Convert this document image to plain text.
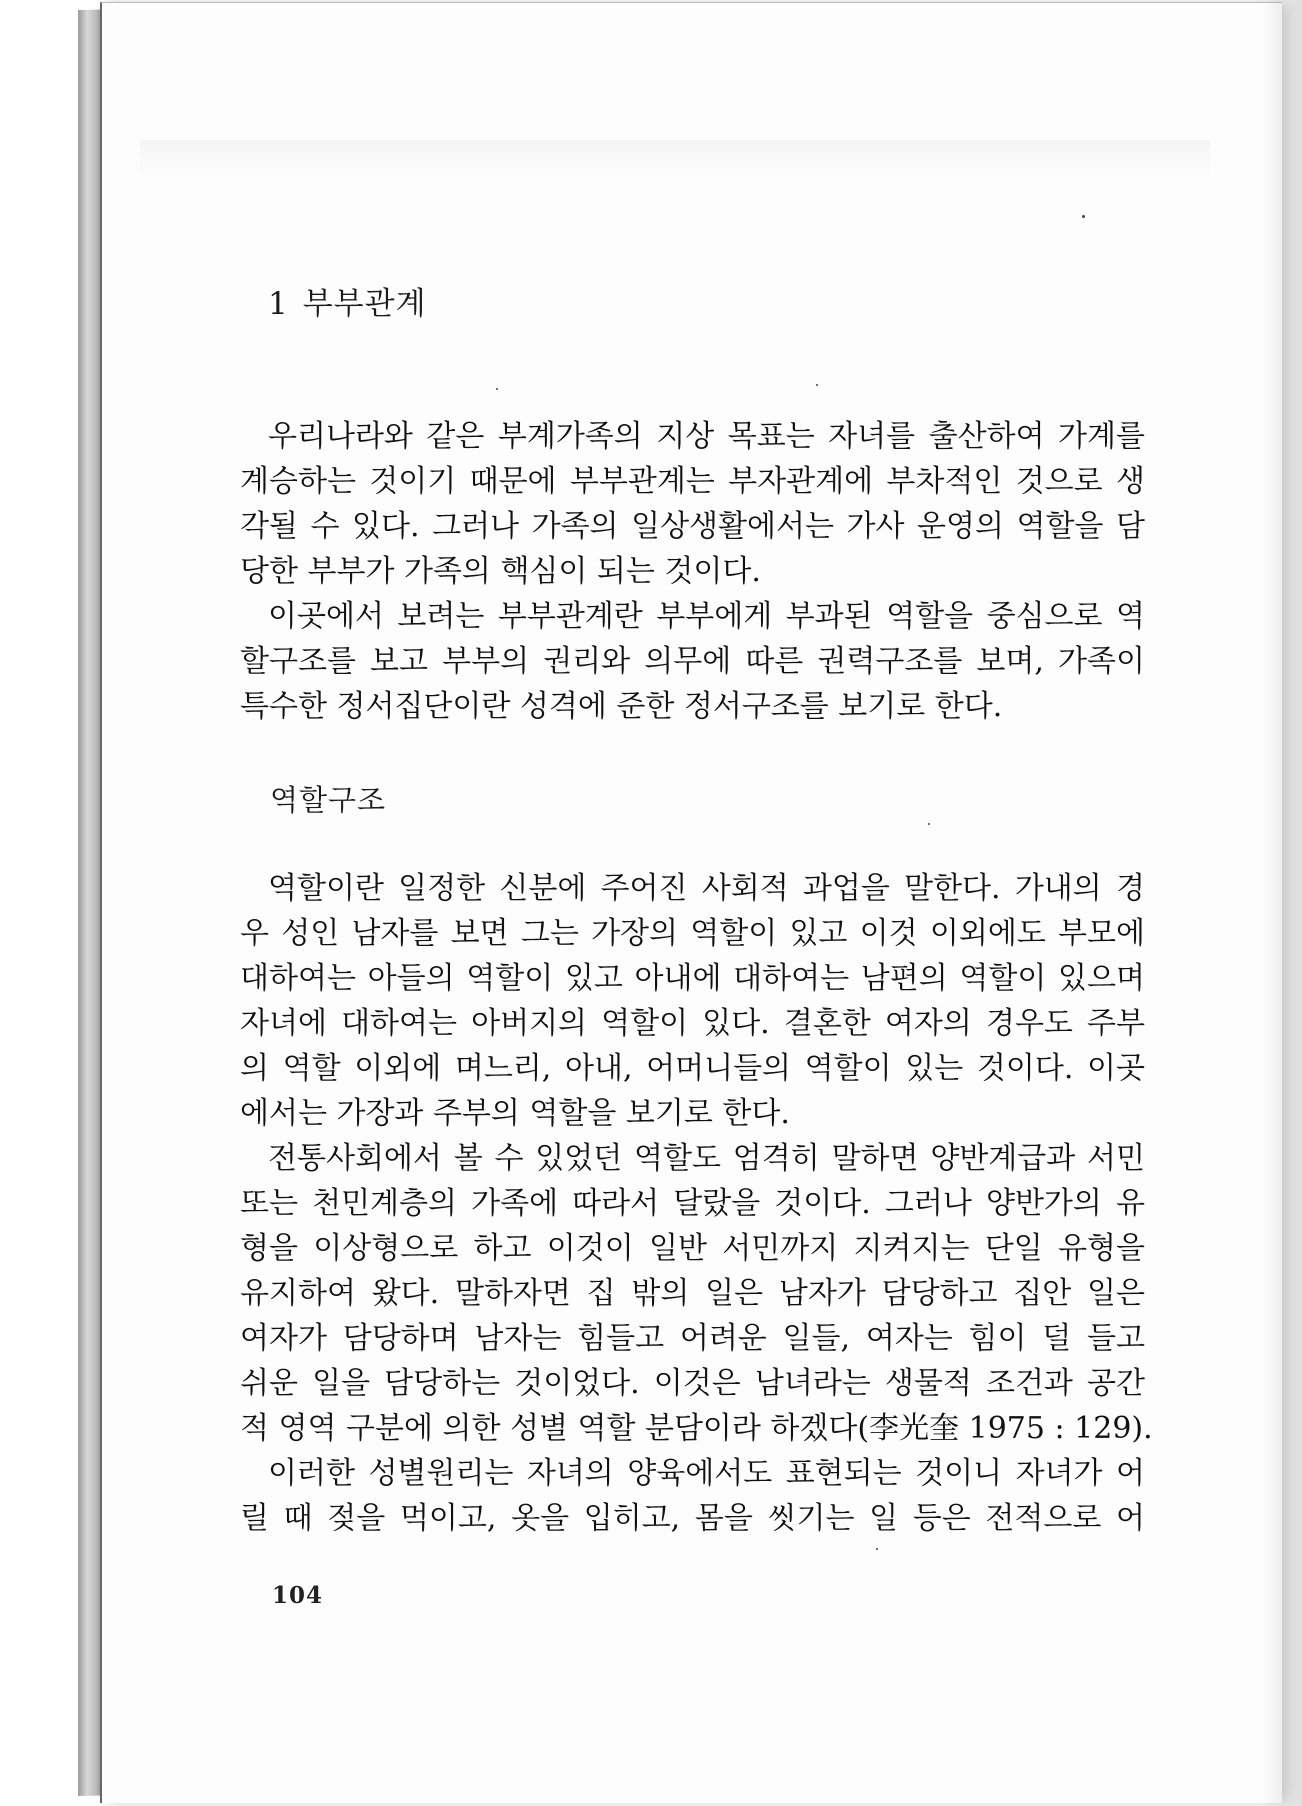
1 부부관계
우리나라와 같은 부계가족의 지상 목표는 자녀를 출산하여 가계를
계승하는 것이기 때문에 부부관계는 부자관계에 부차적인 것으로 생
각될 수 있다. 그러나 가족의 일상생활에서는 가사 운영의 역할을 담
당한 부부가 가족의 핵심이 되는 것이다.
이곳에서 보려는 부부관계란 부부에게 부과된 역할을 중심으로 역
할구조를 보고 부부의 권리와 의무에 따른 권력구조를 보며, 가족이
특수한 정서집단이란 성격에 준한 정서구조를 보기로 한다.
역할구조
역할이란 일정한 신분에 주어진 사회적 과업을 말한다. 가내의 경
우 성인 남자를 보면 그는 가장의 역할이 있고 이것 이외에도 부모에
대하여는 아들의 역할이 있고 아내에 대하여는 남편의 역할이 있으며
자녀에 대하여는 아버지의 역할이 있다. 결혼한 여자의 경우도 주부
의 역할 이외에 며느리, 아내, 어머니들의 역할이 있는 것이다. 이곳
에서는 가장과 주부의 역할을 보기로 한다.
전통사회에서 볼 수 있었던 역할도 엄격히 말하면 양반계급과 서민
또는 천민계층의 가족에 따라서 달랐을 것이다. 그러나 양반가의 유
형을 이상형으로 하고 이것이 일반 서민까지 지켜지는 단일 유형을
유지하여 왔다. 말하자면 집 밖의 일은 남자가 담당하고 집안 일은
여자가 담당하며 남자는 힘들고 어려운 일들, 여자는 힘이 덜 들고
쉬운 일을 담당하는 것이었다. 이것은 남녀라는 생물적 조건과 공간
적 영역 구분에 의한 성별 역할 분담이라 하겠다(李光奎 1975 : 129).
이러한 성별원리는 자녀의 양육에서도 표현되는 것이니 자녀가 어
릴 때 젖을 먹이고, 옷을 입히고, 몸을 씻기는 일 등은 전적으로 어
104
